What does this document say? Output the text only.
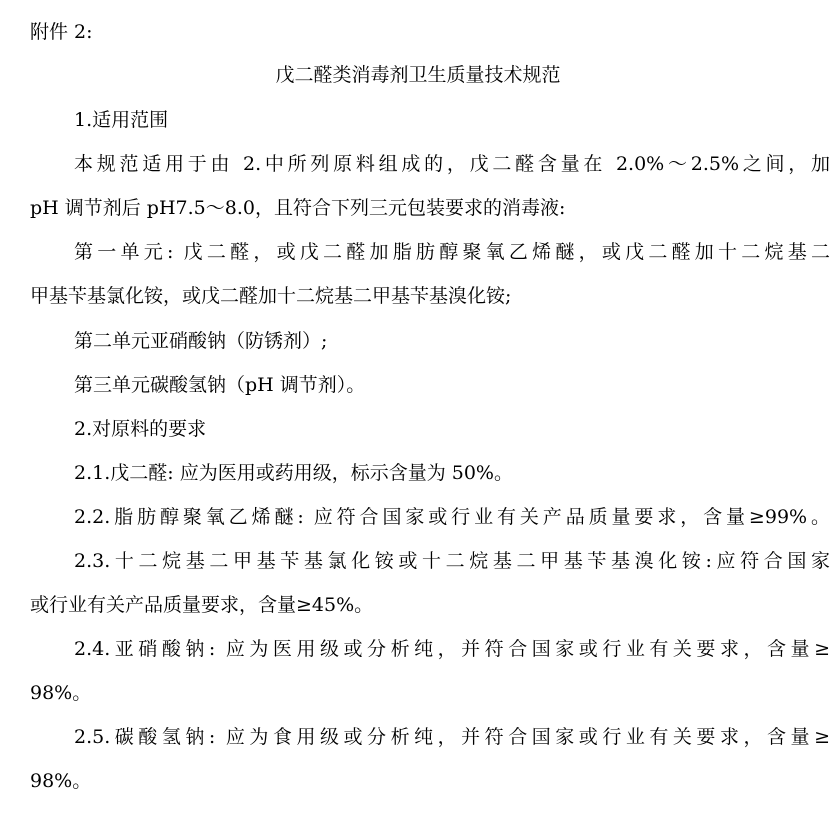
附件 2:
戊二醛类消毒剂卫生质量技术规范
1.适用范围
本规范适用于由 2.中所列原料组成的，戊二醛含量在 2.0%～2.5%之间，加
pH 调节剂后 pH7.5～8.0，且符合下列三元包装要求的消毒液:
第一单元: 戊二醛，或戊二醛加脂肪醇聚氧乙烯醚，或戊二醛加十二烷基二
甲基苄基氯化铵，或戊二醛加十二烷基二甲基苄基溴化铵;
第二单元亚硝酸钠（防锈剂）;
第三单元碳酸氢钠（pH 调节剂）。
2.对原料的要求
2.1.戊二醛: 应为医用或药用级，标示含量为 50%。
2.2.脂肪醇聚氧乙烯醚: 应符合国家或行业有关产品质量要求，含量≥99%。
2.3.十二烷基二甲基苄基氯化铵或十二烷基二甲基苄基溴化铵:应符合国家
或行业有关产品质量要求，含量≥45%。
2.4.亚硝酸钠: 应为医用级或分析纯，并符合国家或行业有关要求，含量≥
98%。
2.5.碳酸氢钠: 应为食用级或分析纯，并符合国家或行业有关要求，含量≥
98%。
